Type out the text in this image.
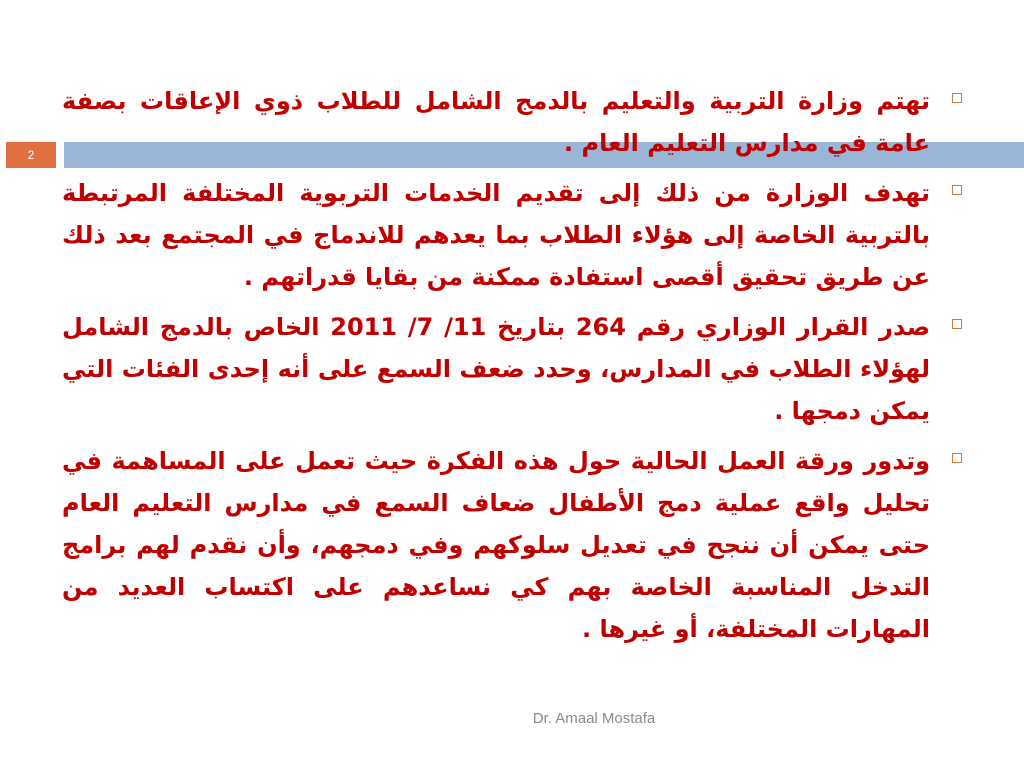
2
تهتم وزارة التربية والتعليم بالدمج الشامل للطلاب ذوي الإعاقات بصفة عامة في مدارس التعليم العام .
تهدف الوزارة من ذلك إلى تقديم الخدمات التربوية المختلفة المرتبطة بالتربية الخاصة إلى هؤلاء الطلاب بما يعدهم للاندماج في المجتمع بعد ذلك عن طريق تحقيق أقصى استفادة ممكنة من بقايا قدراتهم .
صدر القرار الوزاري رقم 264 بتاريخ 11/ 7/ 2011 الخاص بالدمج الشامل لهؤلاء الطلاب في المدارس، وحدد ضعف السمع على أنه إحدى الفئات التي يمكن دمجها .
وتدور ورقة العمل الحالية حول هذه الفكرة حيث تعمل على المساهمة في تحليل واقع عملية دمج الأطفال ضعاف السمع في مدارس التعليم العام حتى يمكن أن ننجح في تعديل سلوكهم وفي دمجهم، وأن نقدم لهم برامج التدخل المناسبة الخاصة بهم كي نساعدهم على اكتساب العديد من المهارات المختلفة، أو غيرها .
Dr. Amaal Mostafa
